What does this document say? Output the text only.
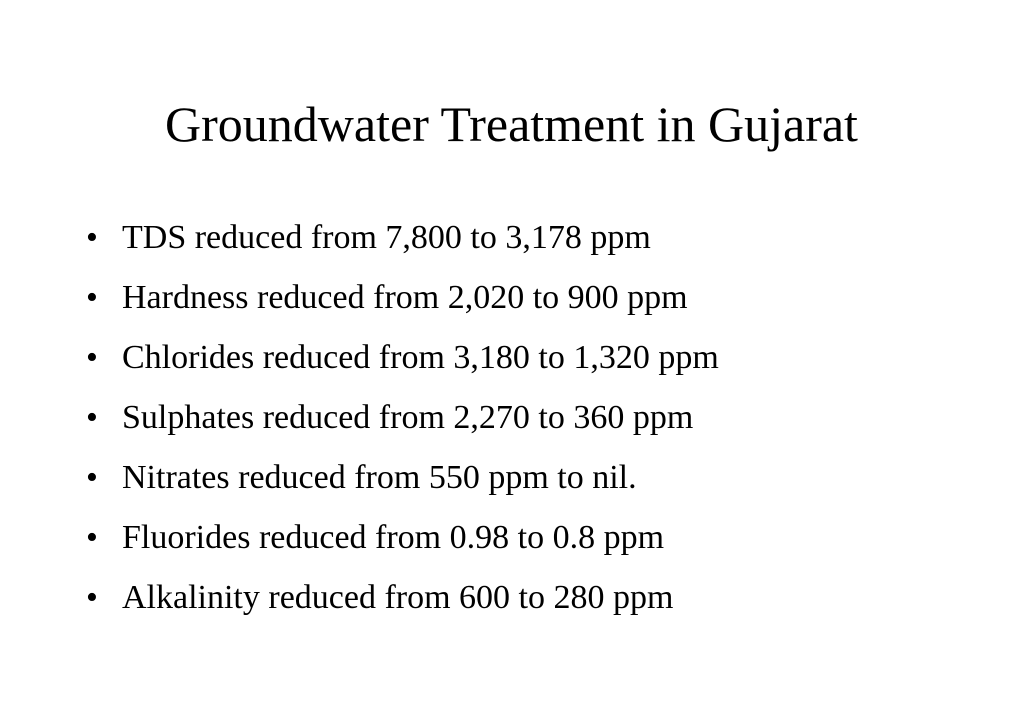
Groundwater Treatment in Gujarat
• TDS reduced from 7,800 to 3,178 ppm
• Hardness reduced from 2,020 to 900 ppm
• Chlorides reduced from 3,180 to 1,320 ppm
• Sulphates reduced from 2,270 to 360 ppm
• Nitrates reduced from 550 ppm to nil.
• Fluorides reduced from 0.98 to 0.8 ppm
• Alkalinity reduced from 600 to 280 ppm
